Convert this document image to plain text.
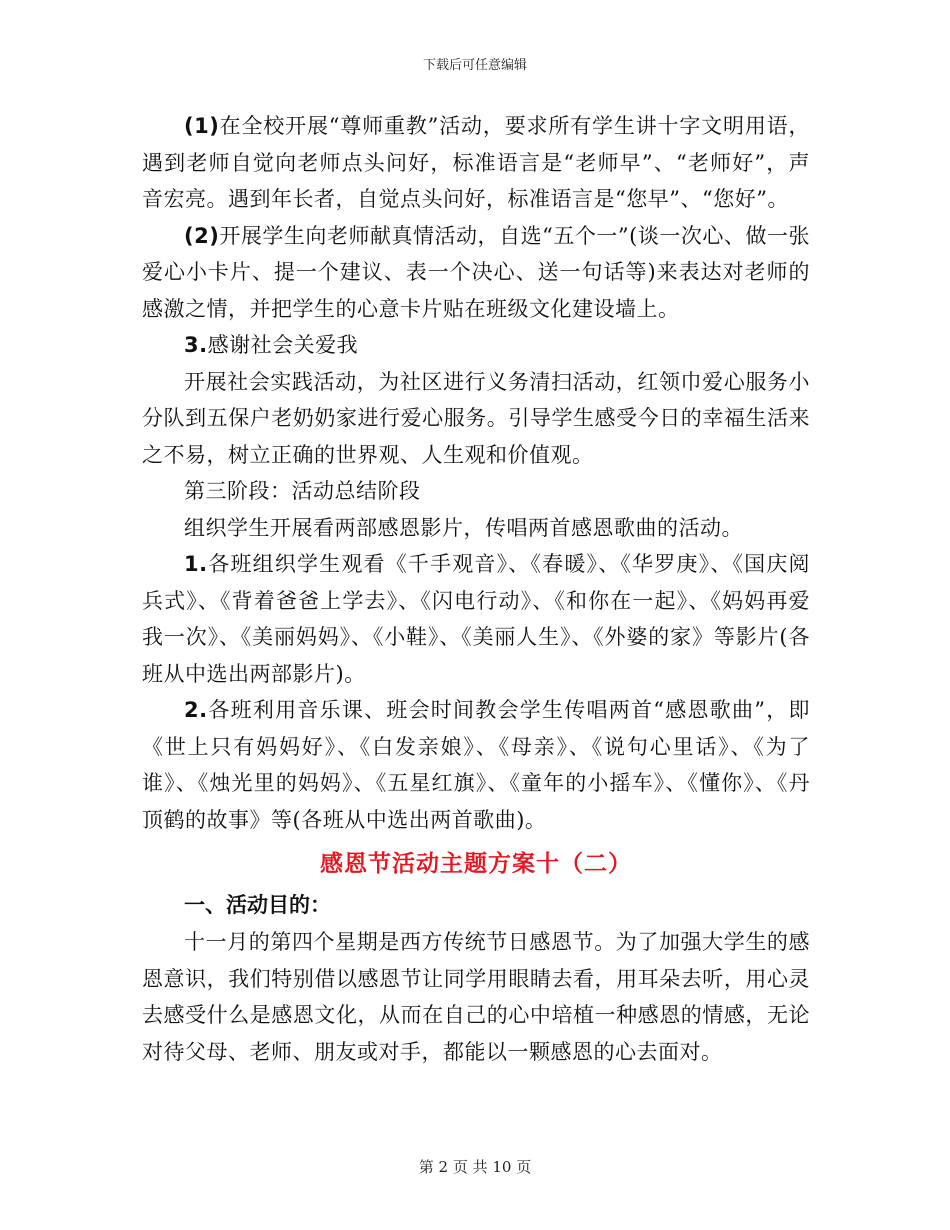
下载后可任意编辑

(1)在全校开展“尊师重教”活动，要求所有学生讲十字文明用语，遇到老师自觉向老师点头问好，标准语言是“老师早”、“老师好”，声音宏亮。遇到年长者，自觉点头问好，标准语言是“您早”、“您好”。

(2)开展学生向老师献真情活动，自选“五个一”(谈一次心、做一张爱心小卡片、提一个建议、表一个决心、送一句话等)来表达对老师的感激之情，并把学生的心意卡片贴在班级文化建设墙上。

3.感谢社会关爱我

开展社会实践活动，为社区进行义务清扫活动，红领巾爱心服务小分队到五保户老奶奶家进行爱心服务。引导学生感受今日的幸福生活来之不易，树立正确的世界观、人生观和价值观。

第三阶段：活动总结阶段

组织学生开展看两部感恩影片，传唱两首感恩歌曲的活动。

1.各班组织学生观看《千手观音》、《春暖》、《华罗庚》、《国庆阅兵式》、《背着爸爸上学去》、《闪电行动》、《和你在一起》、《妈妈再爱我一次》、《美丽妈妈》、《小鞋》、《美丽人生》、《外婆的家》等影片(各班从中选出两部影片)。

2.各班利用音乐课、班会时间教会学生传唱两首“感恩歌曲”，即《世上只有妈妈好》、《白发亲娘》、《母亲》、《说句心里话》、《为了谁》、《烛光里的妈妈》、《五星红旗》、《童年的小摇车》、《懂你》、《丹顶鹤的故事》等(各班从中选出两首歌曲)。

感恩节活动主题方案十（二）
一、活动目的：

十一月的第四个星期是西方传统节日感恩节。为了加强大学生的感恩意识，我们特别借以感恩节让同学用眼睛去看，用耳朵去听，用心灵去感受什么是感恩文化，从而在自己的心中培植一种感恩的情感，无论对待父母、老师、朋友或对手，都能以一颗感恩的心去面对。

第 2 页 共 10 页
